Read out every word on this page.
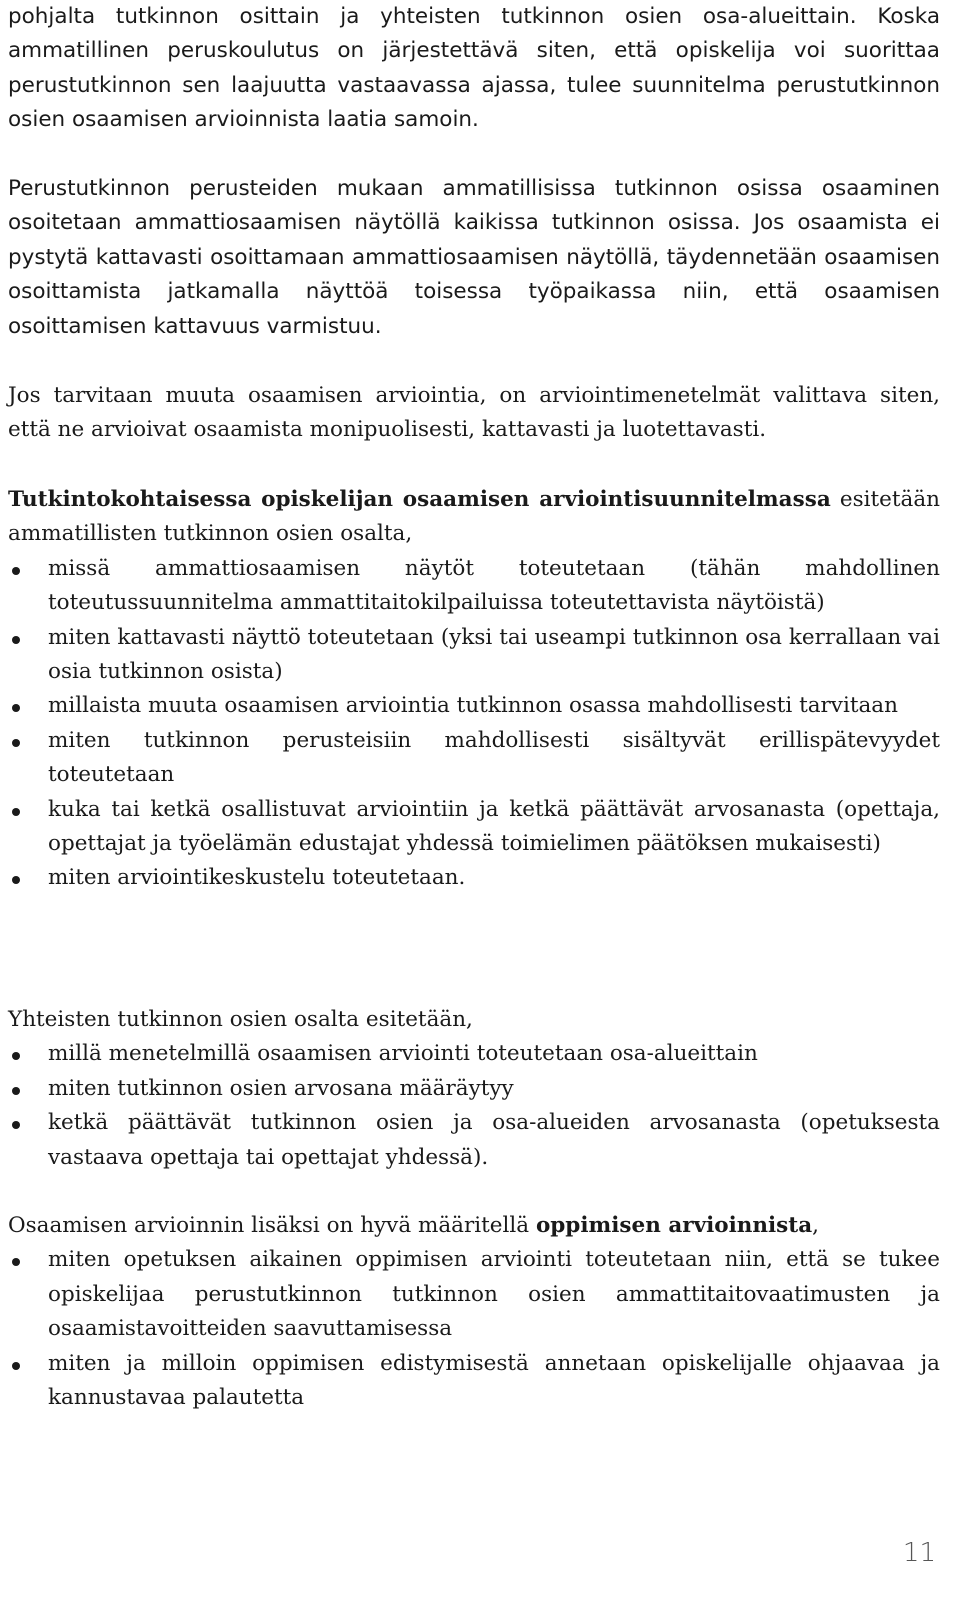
pohjalta tutkinnon osittain ja yhteisten tutkinnon osien osa-alueittain. Koska ammatillinen peruskoulutus on järjestettävä siten, että opiskelija voi suorittaa perustutkinnon sen laajuutta vastaavassa ajassa, tulee suunnitelma perustutkinnon osien osaamisen arvioinnista laatia samoin.

Perustutkinnon perusteiden mukaan ammatillisissa tutkinnon osissa osaaminen osoitetaan ammattiosaamisen näytöllä kaikissa tutkinnon osissa. Jos osaamista ei pystytä kattavasti osoittamaan ammattiosaamisen näytöllä, täydennetään osaamisen osoittamista jatkamalla näyttöä toisessa työpaikassa niin, että osaamisen osoittamisen kattavuus varmistuu.

Jos tarvitaan muuta osaamisen arviointia, on arviointimenetelmät valittava siten, että ne arvioivat osaamista monipuolisesti, kattavasti ja luotettavasti.

Tutkintokohtaisessa opiskelijan osaamisen arviointisuunnitelmassa esitetään ammatillisten tutkinnon osien osalta,
missä ammattiosaamisen näytöt toteutetaan (tähän mahdollinen toteutussuunnitelma ammattitaitokilpailuissa toteutettavista näytöistä)
miten kattavasti näyttö toteutetaan (yksi tai useampi tutkinnon osa kerrallaan vai osia tutkinnon osista)
millaista muuta osaamisen arviointia tutkinnon osassa mahdollisesti tarvitaan
miten tutkinnon perusteisiin mahdollisesti sisältyvät erillispätevyydet toteutetaan
kuka tai ketkä osallistuvat arviointiin ja ketkä päättävät arvosanasta (opettaja, opettajat ja työelämän edustajat yhdessä toimielimen päätöksen mukaisesti)
miten arviointikeskustelu toteutetaan.
Yhteisten tutkinnon osien osalta esitetään,
millä menetelmillä osaamisen arviointi toteutetaan osa-alueittain
miten tutkinnon osien arvosana määräytyy
ketkä päättävät tutkinnon osien ja osa-alueiden arvosanasta (opetuksesta vastaava opettaja tai opettajat yhdessä).
Osaamisen arvioinnin lisäksi on hyvä määritellä oppimisen arvioinnista,
miten opetuksen aikainen oppimisen arviointi toteutetaan niin, että se tukee opiskelijaa perustutkinnon tutkinnon osien ammattitaitovaatimusten ja osaamistavoitteiden saavuttamisessa
miten ja milloin oppimisen edistymisestä annetaan opiskelijalle ohjaavaa ja kannustavaa palautetta
11
